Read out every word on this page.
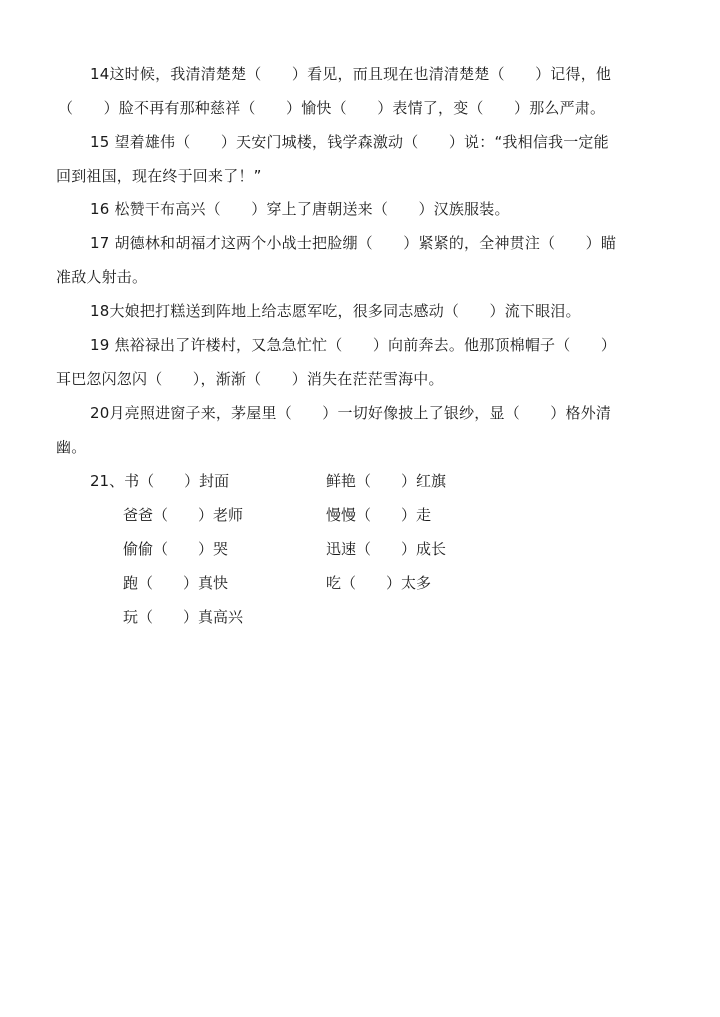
14这时候，我清清楚楚（　　）看见，而且现在也清清楚楚（　　）记得，他
（　　）脸不再有那种慈祥（　　）愉快（　　）表情了，变（　　）那么严肃。
15 望着雄伟（　　）天安门城楼，钱学森激动（　　）说：“我相信我一定能
回到祖国，现在终于回来了！”
16 松赞干布高兴（　　）穿上了唐朝送来（　　）汉族服装。
17 胡德林和胡福才这两个小战士把脸绷（　　）紧紧的，全神贯注（　　）瞄
准敌人射击。
18大娘把打糕送到阵地上给志愿军吃，很多同志感动（　　）流下眼泪。
19 焦裕禄出了许楼村，又急急忙忙（　　）向前奔去。他那顶棉帽子（　　）
耳巴忽闪忽闪（　　），渐渐（　　）消失在茫茫雪海中。
20月亮照进窗子来，茅屋里（　　）一切好像披上了银纱，显（　　）格外清
幽。
21、书（　　）封面	鲜艳（　　）红旗
爸爸（　　）老师	慢慢（　　）走
偷偷（　　）哭	迅速（　　）成长
跑（　　）真快	吃（　　）太多
玩（　　）真高兴
